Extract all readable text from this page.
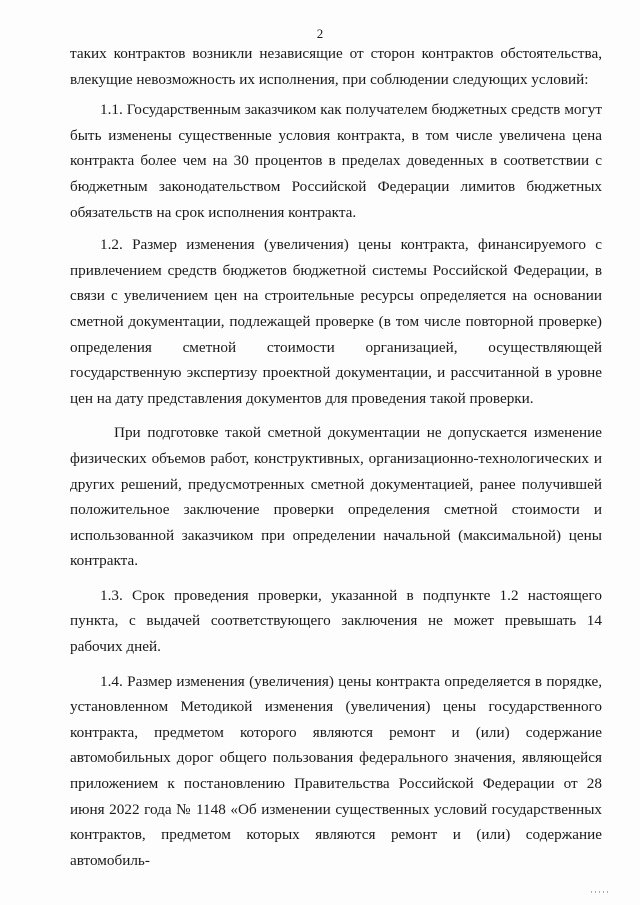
2

таких контрактов возникли независящие от сторон контрактов обстоятельства, влекущие невозможность их исполнения, при соблюдении следующих условий:

1.1. Государственным заказчиком как получателем бюджетных средств могут быть изменены существенные условия контракта, в том числе увеличена цена контракта более чем на 30 процентов в пределах доведенных в соответствии с бюджетным законодательством Российской Федерации лимитов бюджетных обязательств на срок исполнения контракта.

1.2. Размер изменения (увеличения) цены контракта, финансируемого с привлечением средств бюджетов бюджетной системы Российской Федерации, в связи с увеличением цен на строительные ресурсы определяется на основании сметной документации, подлежащей проверке (в том числе повторной проверке) определения сметной стоимости организацией, осуществляющей государственную экспертизу проектной документации, и рассчитанной в уровне цен на дату представления документов для проведения такой проверки.

При подготовке такой сметной документации не допускается изменение физических объемов работ, конструктивных, организационно-технологических и других решений, предусмотренных сметной документацией, ранее получившей положительное заключение проверки определения сметной стоимости и использованной заказчиком при определении начальной (максимальной) цены контракта.

1.3. Срок проведения проверки, указанной в подпункте 1.2 настоящего пункта, с выдачей соответствующего заключения не может превышать 14 рабочих дней.

1.4. Размер изменения (увеличения) цены контракта определяется в порядке, установленном Методикой изменения (увеличения) цены государственного контракта, предметом которого являются ремонт и (или) содержание автомобильных дорог общего пользования федерального значения, являющейся приложением к постановлению Правительства Российской Федерации от 28 июня 2022 года № 1148 «Об изменении существенных условий государственных контрактов, предметом которых являются ремонт и (или) содержание автомобиль-

·····
